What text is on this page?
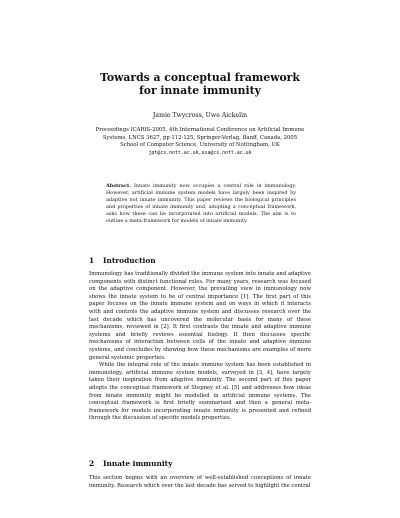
Towards a conceptual framework
for innate immunity
Jamie Twycross, Uwe Aickelin
Proceedings ICARIS-2005, 4th International Conference on Artificial Immune
Systems, LNCS 3627, pp 112-125, Springer-Verlag, Banff, Canada, 2005
School of Computer Science, University of Nottingham, UK
jpt@cs.nott.ac.uk,uxa@cs.nott.ac.uk
Abstract. Innate immunity now occupies a central role in immunology. However, artificial immune system models have largely been inspired by adaptive not innate immunity. This paper reviews the biological principles and properties of innate immunity and, adopting a conceptual framework, asks how these can be incorporated into artificial models. The aim is to outline a meta-framework for models of innate immunity.
1 Introduction

Immunology has traditionally divided the immune system into innate and adaptive components with distinct functional roles. For many years, research was focused on the adaptive component. However, the prevailing view in immunology now shows the innate system to be of central importance [1]. The first part of this paper focuses on the innate immune system and on ways in which it interacts with and controls the adaptive immune system and discusses research over the last decade which has uncovered the molecular basis for many of these mechanisms, reviewed in [2]. It first contrasts the innate and adaptive immune systems and briefly reviews essential biology. It then discusses specific mechanisms of interaction between cells of the innate and adaptive immune systems, and concludes by showing how these mechanisms are examples of more general systemic properties.

While the integral role of the innate immune system has been established in immunology, artificial immune system models, surveyed in [3, 4], have largely taken their inspiration from adaptive immunity. The second part of this paper adopts the conceptual framework of Stepney et al. [5] and addresses how ideas from innate immunity might be modelled in artificial immune systems. The conceptual framework is first briefly summarised and then a general meta-framework for models incorporating innate immunity is presented and refined through the discussion of specific models properties.

2 Innate immunity

This section begins with an overview of well-established conceptions of innate immunity. Research which over the last decade has served to highlight the central
